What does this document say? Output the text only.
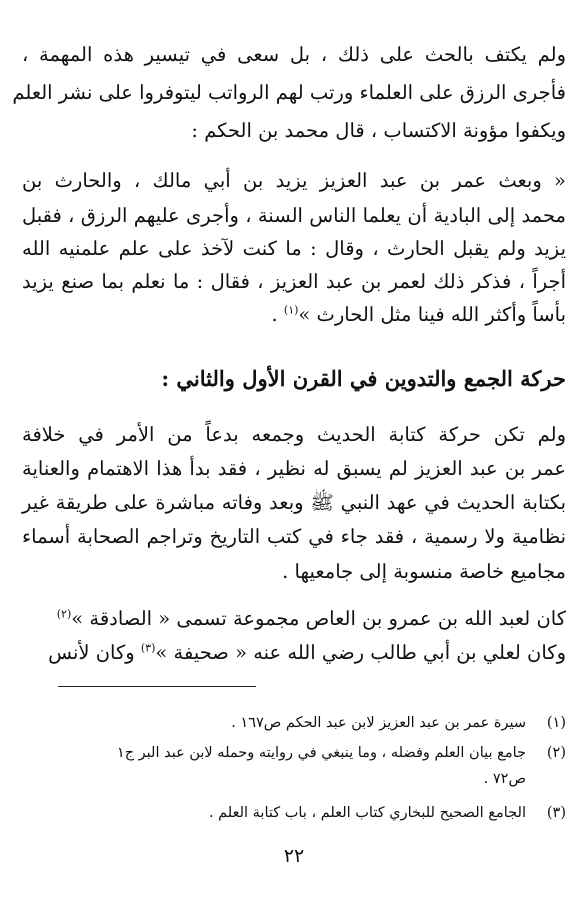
ولم يكتف بالحث على ذلك ، بل سعى في تيسير هذه المهمة ،
فأجرى الرزق على العلماء ورتب لهم الرواتب ليتوفروا على نشر العلم
ويكفوا مؤونة الاكتساب ، قال محمد بن الحكم :
« وبعث عمر بن عبد العزيز يزيد بن أبي مالك ، والحارث بن
محمد إلى البادية أن يعلما الناس السنة ، وأجرى عليهم الرزق ، فقبل
يزيد ولم يقبل الحارث ، وقال : ما كنت لآخذ على علم علمنيه الله
أجراً ، فذكر ذلك لعمر بن عبد العزيز ، فقال : ما نعلم بما صنع يزيد
بأساً وأكثر الله فينا مثل الحارث »$^{(١)}$ .
حركة الجمع والتدوين في القرن الأول والثاني :
ولم تكن حركة كتابة الحديث وجمعه بدعاً من الأمر في خلافة
عمر بن عبد العزيز لم يسبق له نظير ، فقد بدأ هذا الاهتمام والعناية
بكتابة الحديث في عهد النبي ﷺ وبعد وفاته مباشرة على طريقة غير
نظامية ولا رسمية ، فقد جاء في كتب التاريخ وتراجم الصحابة أسماء
مجاميع خاصة منسوبة إلى جامعيها .
كان لعبد الله بن عمرو بن العاص مجموعة تسمى « الصادقة »$^{(٢)}$
وكان لعلي بن أبي طالب رضي الله عنه « صحيفة »$^{(٣)}$ وكان لأنس
(١)سيرة عمر بن عبد العزيز لابن عبد الحكم ص١٦٧ .
(٢)جامع بيان العلم وفضله ، وما ينبغي في روايته وحمله لابن عبد البر ج١
ص٧٢ .
(٣)الجامع الصحيح للبخاري كتاب العلم ، باب كتابة العلم .
٢٢
